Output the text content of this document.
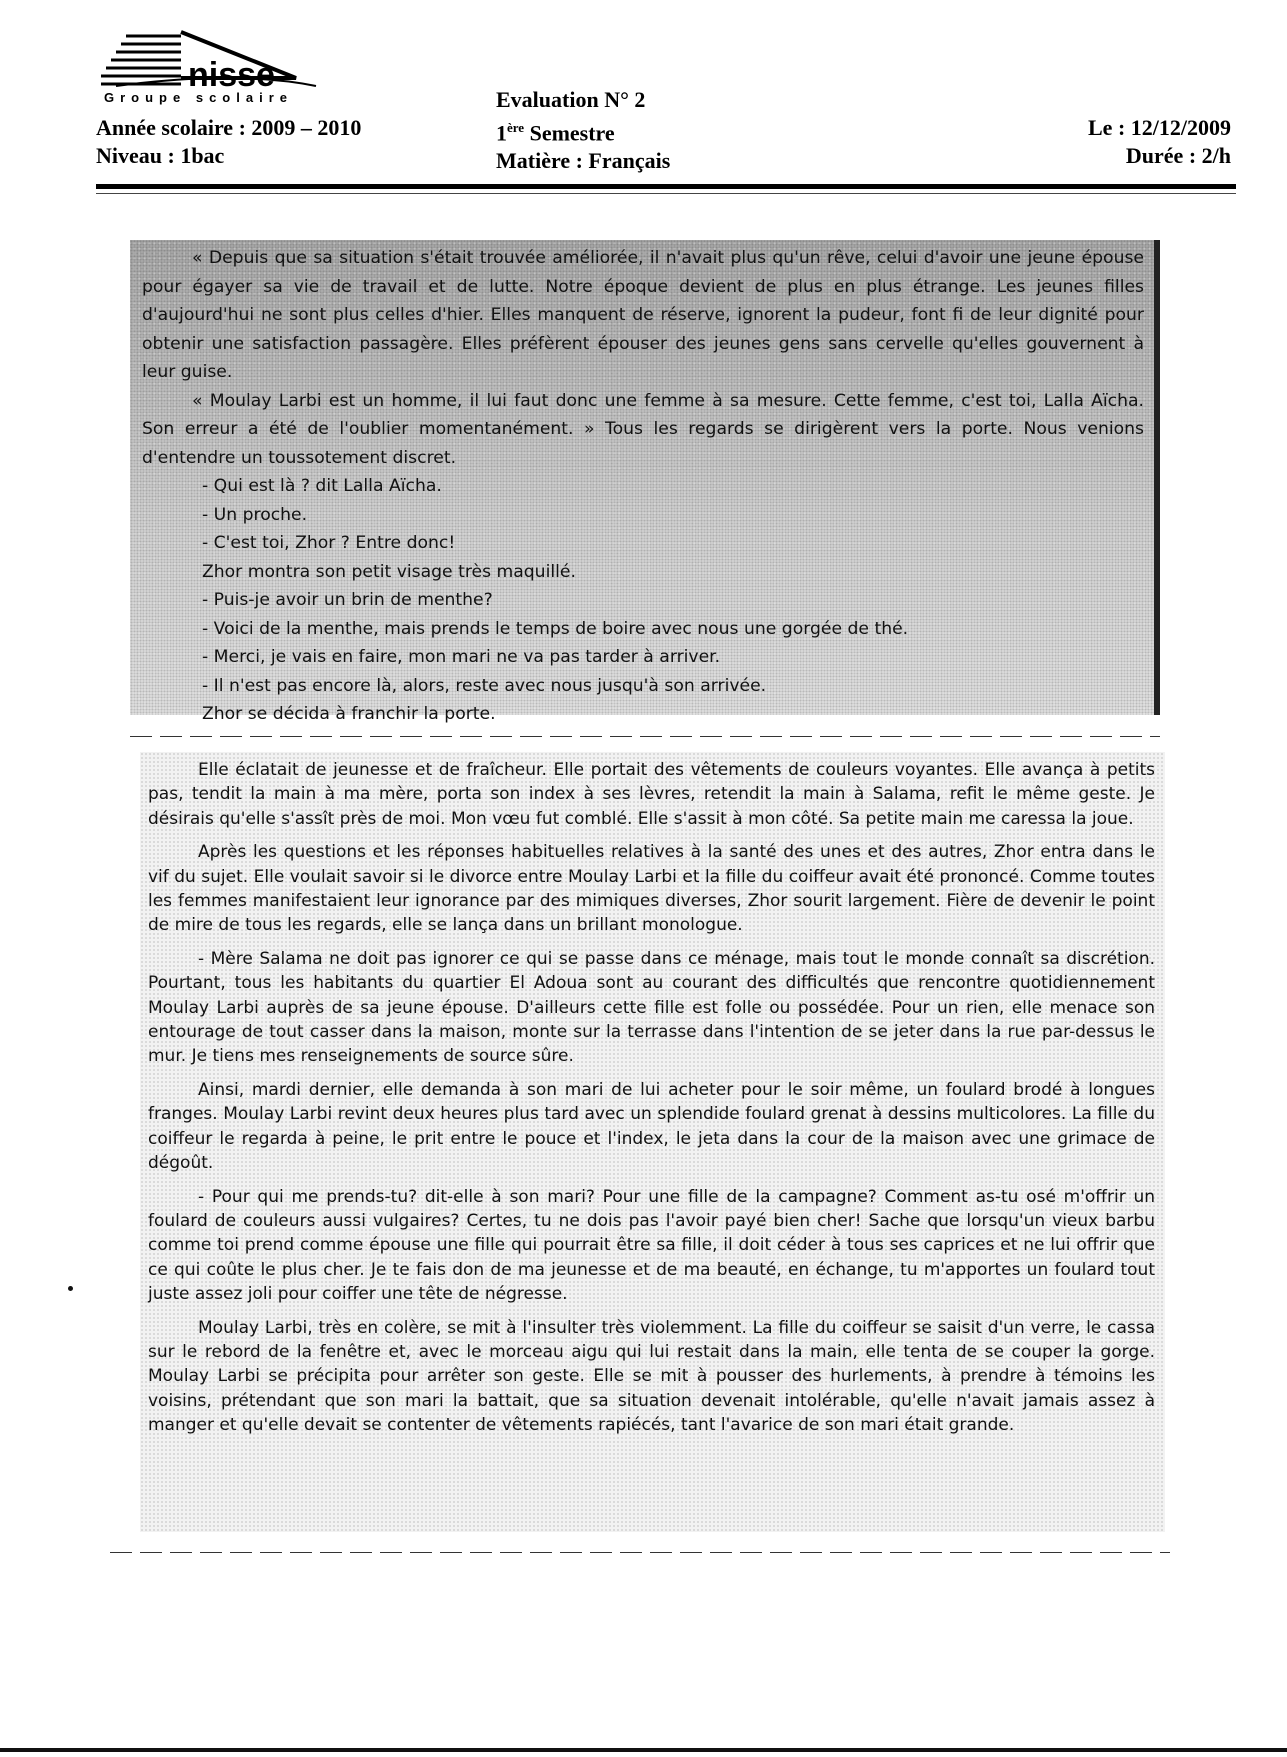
nisse
Groupe scolaire
Année scolaire : 2009 – 2010
Niveau : 1bac
Evaluation N° 2
1ère Semestre
Matière : Français
Le : 12/12/2009
Durée : 2/h

« Depuis que sa situation s'était trouvée améliorée, il n'avait plus qu'un rêve, celui d'avoir une jeune épouse pour égayer sa vie de travail et de lutte. Notre époque devient de plus en plus étrange. Les jeunes filles d'aujourd'hui ne sont plus celles d'hier. Elles manquent de réserve, ignorent la pudeur, font fi de leur dignité pour obtenir une satisfaction passagère. Elles préfèrent épouser des jeunes gens sans cervelle qu'elles gouvernent à leur guise.

« Moulay Larbi est un homme, il lui faut donc une femme à sa mesure. Cette femme, c'est toi, Lalla Aïcha. Son erreur a été de l'oublier momentanément. » Tous les regards se dirigèrent vers la porte. Nous venions d'entendre un toussotement discret.

- Qui est là ? dit Lalla Aïcha.

- Un proche.

- C'est toi, Zhor ? Entre donc!

Zhor montra son petit visage très maquillé.

- Puis-je avoir un brin de menthe?

- Voici de la menthe, mais prends le temps de boire avec nous une gorgée de thé.

- Merci, je vais en faire, mon mari ne va pas tarder à arriver.

- Il n'est pas encore là, alors, reste avec nous jusqu'à son arrivée.

Zhor se décida à franchir la porte.

Elle éclatait de jeunesse et de fraîcheur. Elle portait des vêtements de couleurs voyantes. Elle avança à petits pas, tendit la main à ma mère, porta son index à ses lèvres, retendit la main à Salama, refit le même geste. Je désirais qu'elle s'assît près de moi. Mon vœu fut comblé. Elle s'assit à mon côté. Sa petite main me caressa la joue.

Après les questions et les réponses habituelles relatives à la santé des unes et des autres, Zhor entra dans le vif du sujet. Elle voulait savoir si le divorce entre Moulay Larbi et la fille du coiffeur avait été prononcé. Comme toutes les femmes manifestaient leur ignorance par des mimiques diverses, Zhor sourit largement. Fière de devenir le point de mire de tous les regards, elle se lança dans un brillant monologue.

- Mère Salama ne doit pas ignorer ce qui se passe dans ce ménage, mais tout le monde connaît sa discrétion. Pourtant, tous les habitants du quartier El Adoua sont au courant des difficultés que rencontre quotidiennement Moulay Larbi auprès de sa jeune épouse. D'ailleurs cette fille est folle ou possédée. Pour un rien, elle menace son entourage de tout casser dans la maison, monte sur la terrasse dans l'intention de se jeter dans la rue par-dessus le mur. Je tiens mes renseignements de source sûre.

Ainsi, mardi dernier, elle demanda à son mari de lui acheter pour le soir même, un foulard brodé à longues franges. Moulay Larbi revint deux heures plus tard avec un splendide foulard grenat à dessins multicolores. La fille du coiffeur le regarda à peine, le prit entre le pouce et l'index, le jeta dans la cour de la maison avec une grimace de dégoût.

- Pour qui me prends-tu? dit-elle à son mari? Pour une fille de la campagne? Comment as-tu osé m'offrir un foulard de couleurs aussi vulgaires? Certes, tu ne dois pas l'avoir payé bien cher! Sache que lorsqu'un vieux barbu comme toi prend comme épouse une fille qui pourrait être sa fille, il doit céder à tous ses caprices et ne lui offrir que ce qui coûte le plus cher. Je te fais don de ma jeunesse et de ma beauté, en échange, tu m'apportes un foulard tout juste assez joli pour coiffer une tête de négresse.

Moulay Larbi, très en colère, se mit à l'insulter très violemment. La fille du coiffeur se saisit d'un verre, le cassa sur le rebord de la fenêtre et, avec le morceau aigu qui lui restait dans la main, elle tenta de se couper la gorge. Moulay Larbi se précipita pour arrêter son geste. Elle se mit à pousser des hurlements, à prendre à témoins les voisins, prétendant que son mari la battait, que sa situation devenait intolérable, qu'elle n'avait jamais assez à manger et qu'elle devait se contenter de vêtements rapiécés, tant l'avarice de son mari était grande.
